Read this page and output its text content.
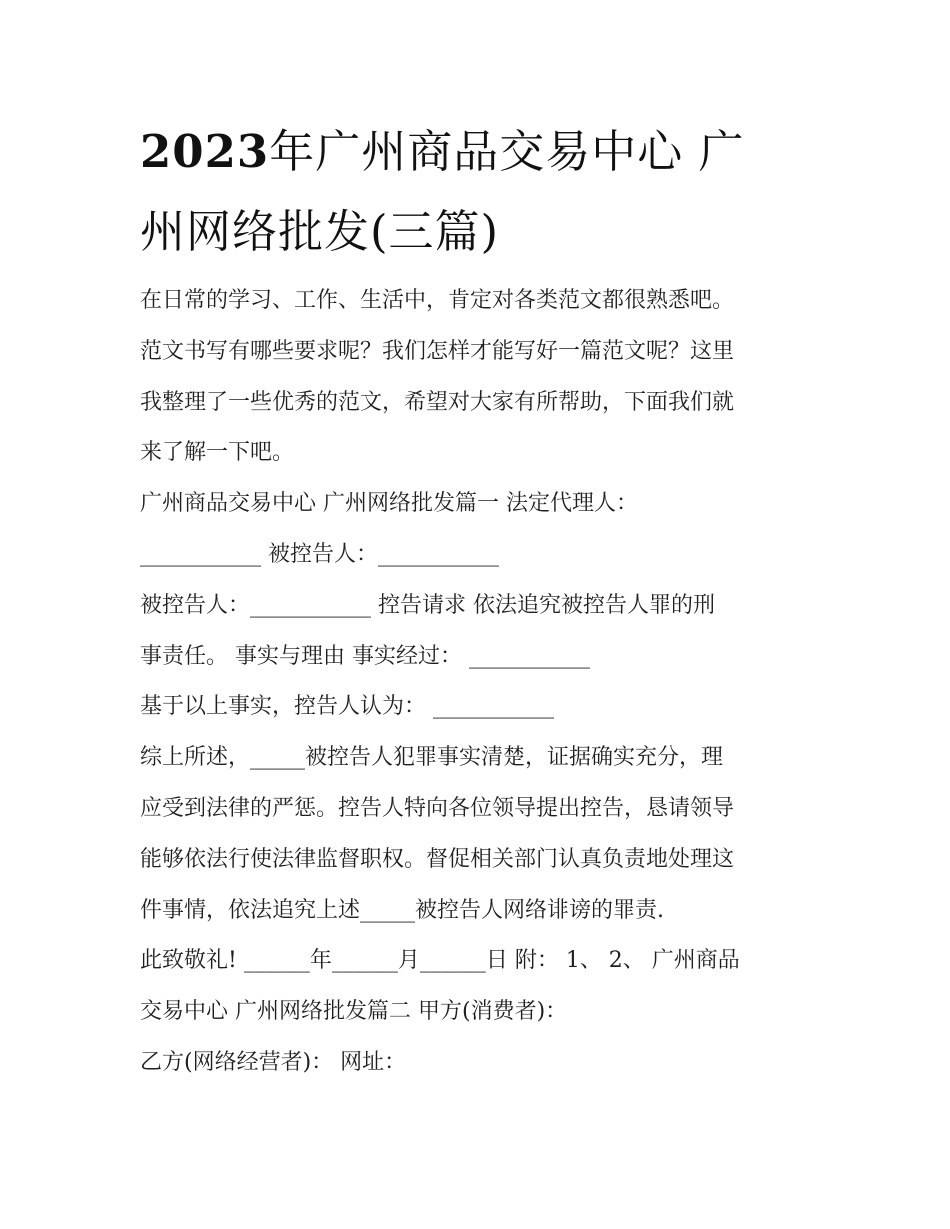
2023年广州商品交易中心 广
州网络批发(三篇)

在日常的学习、工作、生活中，肯定对各类范文都很熟悉吧。

范文书写有哪些要求呢？我们怎样才能写好一篇范文呢？这里

我整理了一些优秀的范文，希望对大家有所帮助，下面我们就

来了解一下吧。

广州商品交易中心 广州网络批发篇一 法定代理人：

___________ 被控告人：___________

被控告人：___________ 控告请求 依法追究被控告人罪的刑

事责任。 事实与理由 事实经过： ___________

基于以上事实，控告人认为： ___________

综上所述，_____被控告人犯罪事实清楚，证据确实充分，理

应受到法律的严惩。控告人特向各位领导提出控告，恳请领导

能够依法行使法律监督职权。督促相关部门认真负责地处理这

件事情，依法追究上述_____被控告人网络诽谤的罪责.

此致敬礼! ______年______月______日 附： 1、 2、 广州商品

交易中心 广州网络批发篇二 甲方(消费者)：

乙方(网络经营者)： 网址：
